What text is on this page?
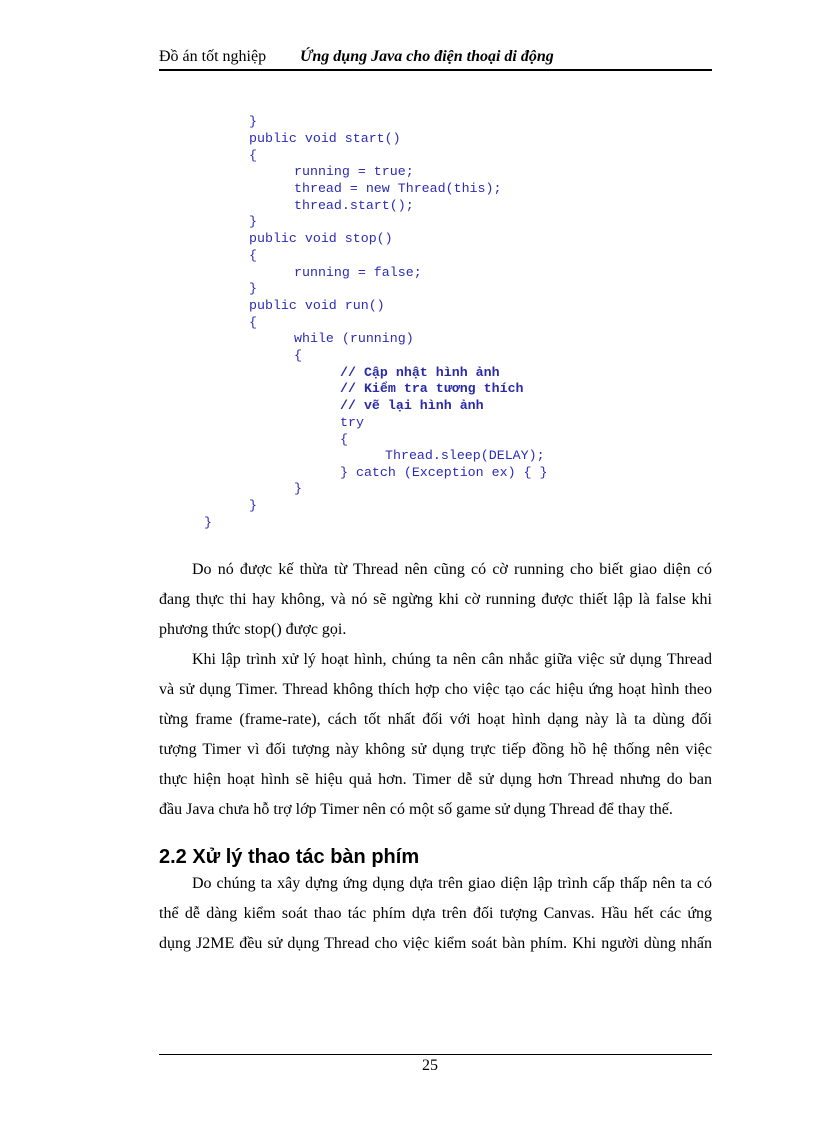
Đồ án tốt nghiệp Ứng dụng Java cho điện thoại di động
}
public void start()
{
running = true;
thread = new Thread(this);
thread.start();
}
public void stop()
{
running = false;
}
public void run()
{
while (running)
{
// Cập nhật hình ảnh
// Kiểm tra tương thích
// vẽ lại hình ảnh
try
{
Thread.sleep(DELAY);
} catch (Exception ex) { }
}
}
}
Do nó được kế thừa từ Thread nên cũng có cờ running cho biết giao diện có
đang thực thi hay không, và nó sẽ ngừng khi cờ running được thiết lập là false khi
phương thức stop() được gọi.
Khi lập trình xử lý hoạt hình, chúng ta nên cân nhắc giữa việc sử dụng Thread
và sử dụng Timer. Thread không thích hợp cho việc tạo các hiệu ứng hoạt hình theo
từng frame (frame-rate), cách tốt nhất đối với hoạt hình dạng này là ta dùng đối
tượng Timer vì đối tượng này không sử dụng trực tiếp đồng hồ hệ thống nên việc
thực hiện hoạt hình sẽ hiệu quả hơn. Timer dễ sử dụng hơn Thread nhưng do ban
đầu Java chưa hỗ trợ lớp Timer nên có một số game sử dụng Thread để thay thế.
2.2 Xử lý thao tác bàn phím
Do chúng ta xây dựng ứng dụng dựa trên giao diện lập trình cấp thấp nên ta có
thể dễ dàng kiểm soát thao tác phím dựa trên đối tượng Canvas. Hầu hết các ứng
dụng J2ME đều sử dụng Thread cho việc kiểm soát bàn phím. Khi người dùng nhấn
25
